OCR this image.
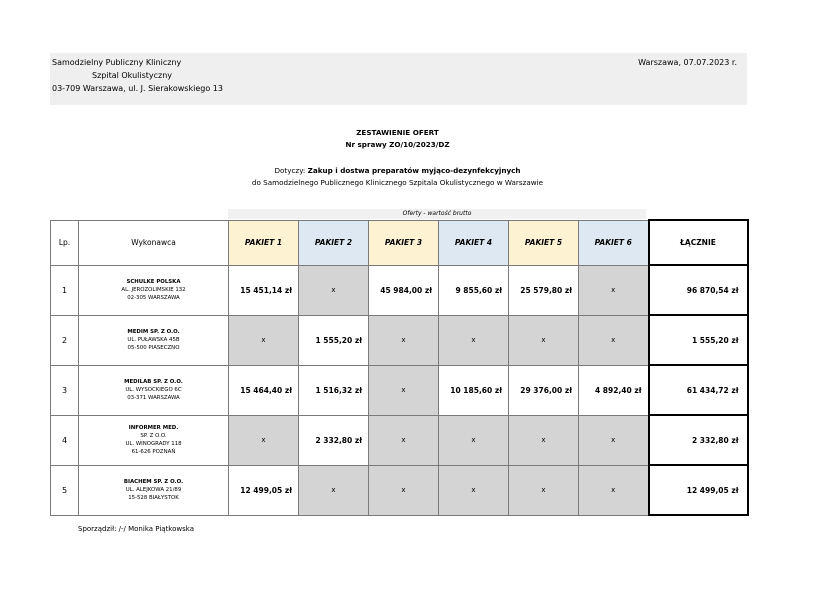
Samodzielny Publiczny Kliniczny
Szpital Okulistyczny
03-709 Warszawa, ul. J. Sierakowskiego 13
Warszawa, 07.07.2023 r.
ZESTAWIENIE OFERT
Nr sprawy ZO/10/2023/DZ
Dotyczy: Zakup i dostwa preparatów myjąco-dezynfekcyjnych
do Samodzielnego Publicznego Klinicznego Szpitala Okulistycznego w Warszawie
Oferty - wartość brutto
Lp.	Wykonawca	PAKIET 1	PAKIET 2	PAKIET 3	PAKIET 4	PAKIET 5	PAKIET 6	ŁĄCZNIE
1	SCHULKE POLSKA
AL. JEROZOLIMSKIE 132
02-305 WARSZAWA	15 451,14 zł	x	45 984,00 zł	9 855,60 zł	25 579,80 zł	x	96 870,54 zł
2	MEDIM SP. Z O.O.
UL. PUŁAWSKA 45B
05-500 PIASECZNO	x	1 555,20 zł	x	x	x	x	1 555,20 zł
3	MEDILAB SP. Z O.O.
UL. WYSOCKIEGO 6C
03-371 WARSZAWA	15 464,40 zł	1 516,32 zł	x	10 185,60 zł	29 376,00 zł	4 892,40 zł	61 434,72 zł
4	INFORMER MED.
SP. Z O.O.
UL. WINOGRADY 118
61-626 POZNAŃ	x	2 332,80 zł	x	x	x	x	2 332,80 zł
5	BIACHEM SP. Z O.O.
UL. ALEJKOWA 21/89
15-528 BIAŁYSTOK	12 499,05 zł	x	x	x	x	x	12 499,05 zł
Sporządził: /-/ Monika Piątkowska
